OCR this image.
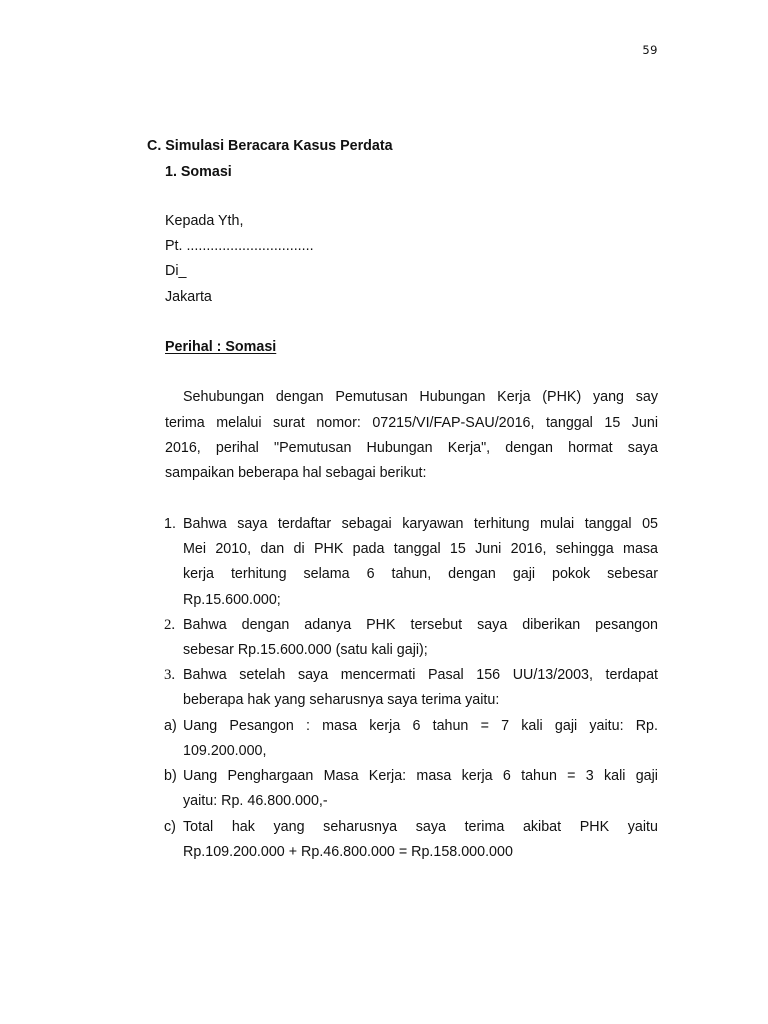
59
C. Simulasi Beracara Kasus Perdata
1. Somasi
Kepada Yth,
Pt. ................................
Di_
Jakarta
Perihal : Somasi
Sehubungan dengan Pemutusan Hubungan Kerja (PHK) yang say
terima melalui surat nomor: 07215/VI/FAP-SAU/2016, tanggal 15 Juni
2016, perihal "Pemutusan Hubungan Kerja", dengan hormat saya
sampaikan beberapa hal sebagai berikut:
1. Bahwa saya terdaftar sebagai karyawan terhitung mulai tanggal 05
Mei 2010, dan di PHK pada tanggal 15 Juni 2016, sehingga masa
kerja terhitung selama 6 tahun, dengan gaji pokok sebesar
Rp.15.600.000;
2. Bahwa dengan adanya PHK tersebut saya diberikan pesangon
sebesar Rp.15.600.000 (satu kali gaji);
3. Bahwa setelah saya mencermati Pasal 156 UU/13/2003, terdapat
beberapa hak yang seharusnya saya terima yaitu:
a) Uang Pesangon : masa kerja 6 tahun = 7 kali gaji yaitu: Rp.
109.200.000,
b) Uang Penghargaan Masa Kerja: masa kerja 6 tahun = 3 kali gaji
yaitu: Rp. 46.800.000,-
c) Total hak yang seharusnya saya terima akibat PHK yaitu
Rp.109.200.000 + Rp.46.800.000 = Rp.158.000.000
